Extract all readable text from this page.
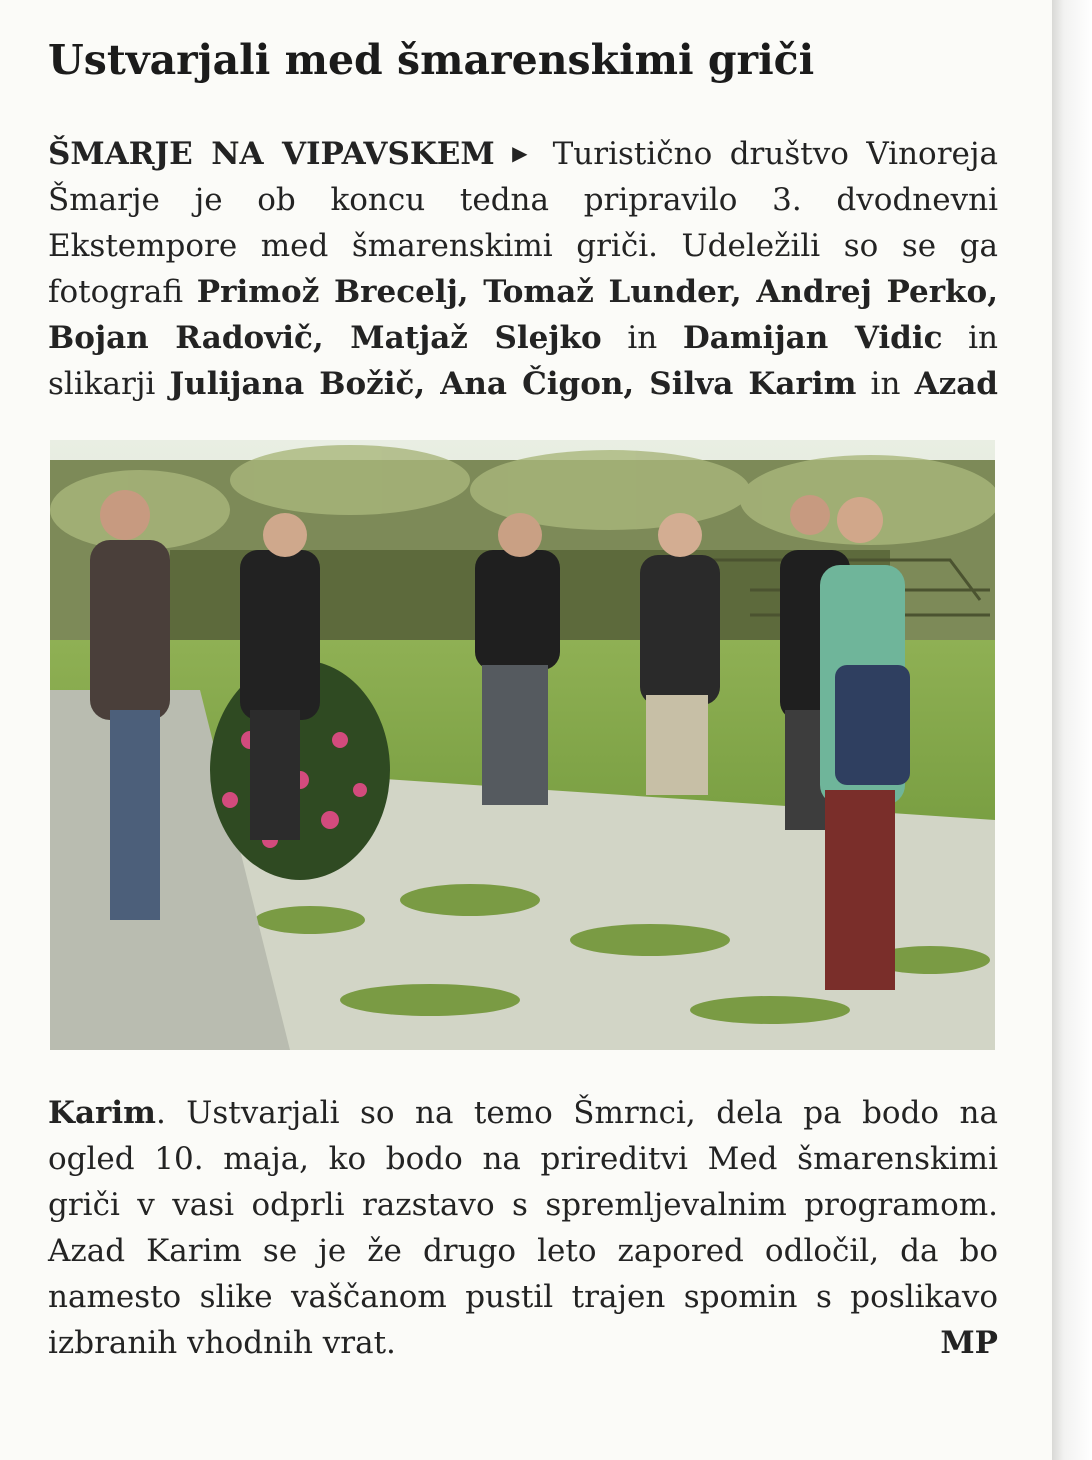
Ustvarjali med šmarenskimi griči
ŠMARJE NA VIPAVSKEM ▶ Turistično društvo Vinoreja
Šmarje je ob koncu tedna pripravilo 3. dvodnevni
Ekstempore med šmarenskimi griči. Udeležili so se ga
fotografi Primož Brecelj, Tomaž Lunder, Andrej Perko,
Bojan Radovič, Matjaž Slejko in Damijan Vidic in
slikarji Julijana Božič, Ana Čigon, Silva Karim in Azad
Karim. Ustvarjali so na temo Šmrnci, dela pa bodo na
ogled 10. maja, ko bodo na prireditvi Med šmarenskimi
griči v vasi odprli razstavo s spremljevalnim programom.
Azad Karim se je že drugo leto zapored odločil, da bo
namesto slike vaščanom pustil trajen spomin s poslikavo
izbranih vhodnih vrat.	MP
